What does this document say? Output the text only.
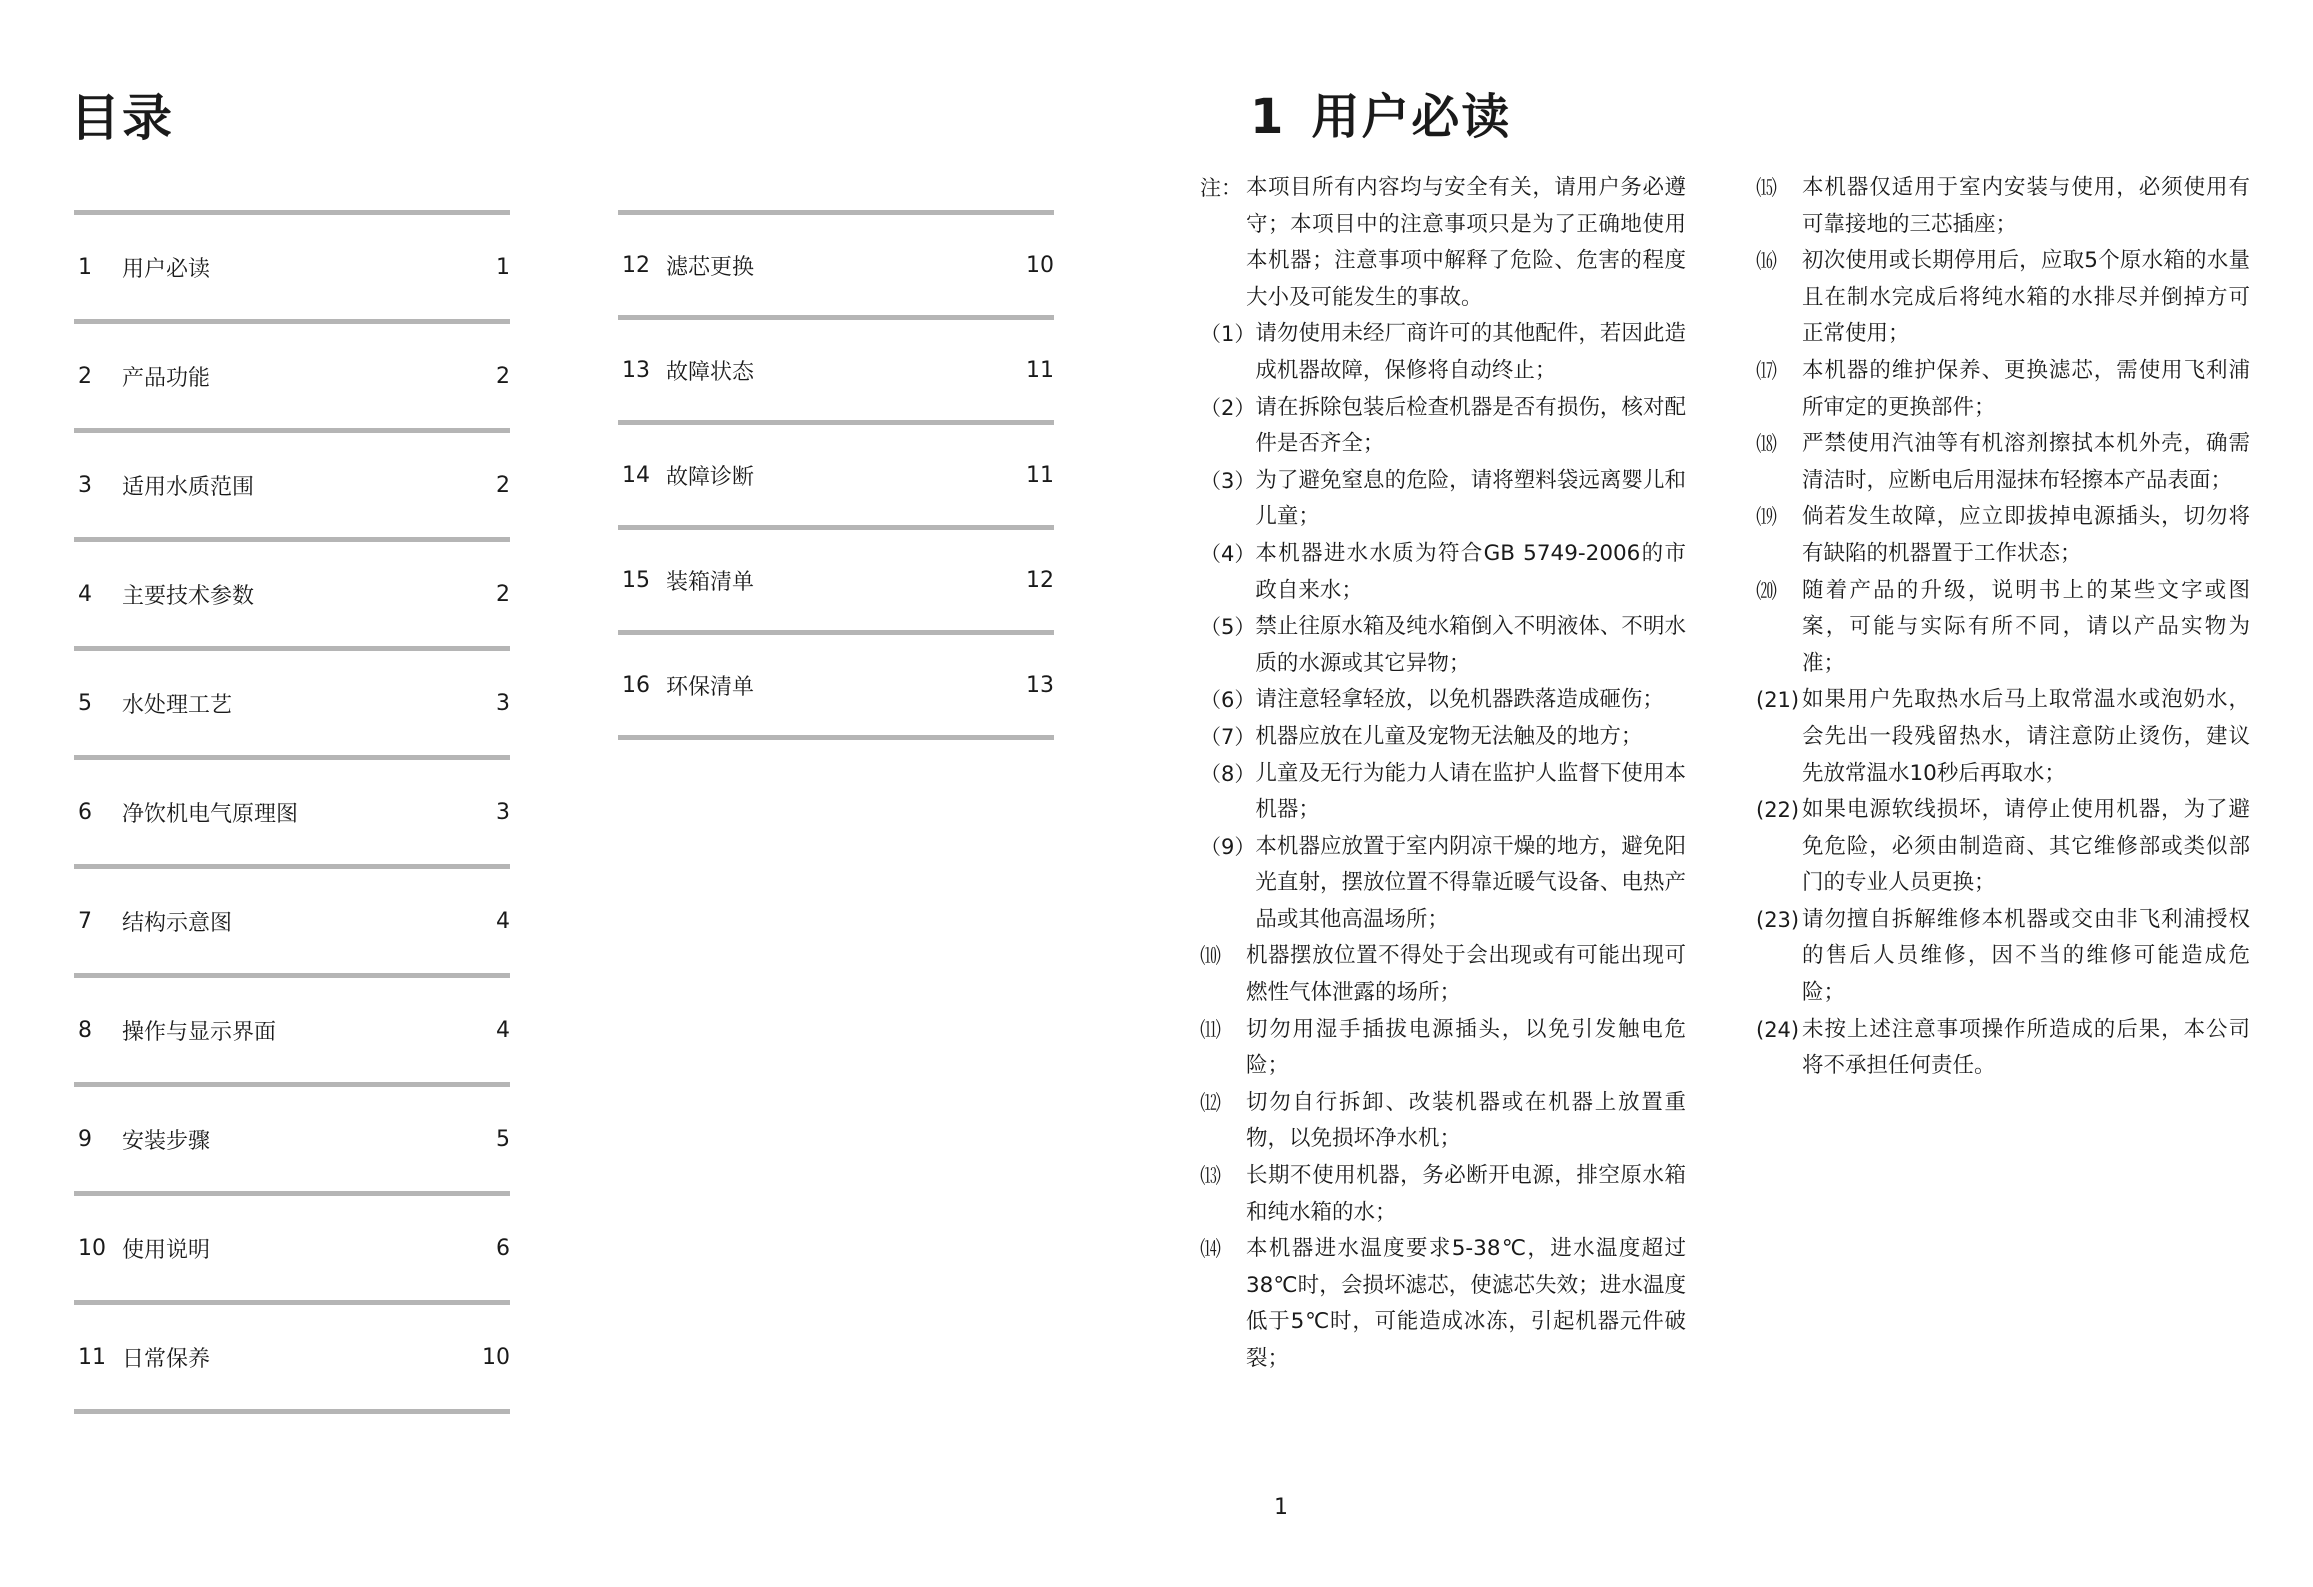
目录
1	用户必读	1
2	产品功能	2
3	适用水质范围	2
4	主要技术参数	2
5	水处理工艺	3
6	净饮机电气原理图	3
7	结构示意图	4
8	操作与显示界面	4
9	安装步骤	5
10 使用说明	6
11 日常保养	10
12 滤芯更换	10
13 故障状态	11
14 故障诊断	11
15 装箱清单	12
16 环保清单	13
1 用户必读
注： 本项目所有内容均与安全有关，请用户务必遵守；本项目中的注意事项只是为了正确地使用本机器；注意事项中解释了危险、危害的程度大小及可能发生的事故。
（1） 请勿使用未经厂商许可的其他配件，若因此造成机器故障，保修将自动终止；
（2） 请在拆除包装后检查机器是否有损伤，核对配件是否齐全；
（3） 为了避免窒息的危险，请将塑料袋远离婴儿和儿童；
（4） 本机器进水水质为符合GB 5749-2006的市政自来水；
（5） 禁止往原水箱及纯水箱倒入不明液体、不明水质的水源或其它异物；
（6） 请注意轻拿轻放，以免机器跌落造成砸伤；
（7） 机器应放在儿童及宠物无法触及的地方；
（8） 儿童及无行为能力人请在监护人监督下使用本机器；
（9） 本机器应放置于室内阴凉干燥的地方，避免阳光直射，摆放位置不得靠近暖气设备、电热产品或其他高温场所；
⑽	机器摆放位置不得处于会出现或有可能出现可燃性气体泄露的场所；
⑾	切勿用湿手插拔电源插头，以免引发触电危险；
⑿	切勿自行拆卸、改装机器或在机器上放置重物，以免损坏净水机；
⒀	长期不使用机器，务必断开电源，排空原水箱和纯水箱的水；
⒁	本机器进水温度要求5-38℃，进水温度超过38℃时，会损坏滤芯，使滤芯失效；进水温度低于5℃时，可能造成冰冻，引起机器元件破裂；
⒂	本机器仅适用于室内安装与使用，必须使用有可靠接地的三芯插座；
⒃	初次使用或长期停用后，应取5个原水箱的水量且在制水完成后将纯水箱的水排尽并倒掉方可正常使用；
⒄	本机器的维护保养、更换滤芯，需使用飞利浦所审定的更换部件；
⒅	严禁使用汽油等有机溶剂擦拭本机外壳，确需清洁时，应断电后用湿抹布轻擦本产品表面；
⒆	倘若发生故障，应立即拔掉电源插头，切勿将有缺陷的机器置于工作状态；
⒇	随着产品的升级，说明书上的某些文字或图案，可能与实际有所不同，请以产品实物为准；
(21) 如果用户先取热水后马上取常温水或泡奶水，会先出一段残留热水，请注意防止烫伤，建议先放常温水10秒后再取水；
(22) 如果电源软线损坏，请停止使用机器，为了避免危险，必须由制造商、其它维修部或类似部门的专业人员更换；
(23) 请勿擅自拆解维修本机器或交由非飞利浦授权的售后人员维修，因不当的维修可能造成危险；
(24) 未按上述注意事项操作所造成的后果，本公司将不承担任何责任。
1
